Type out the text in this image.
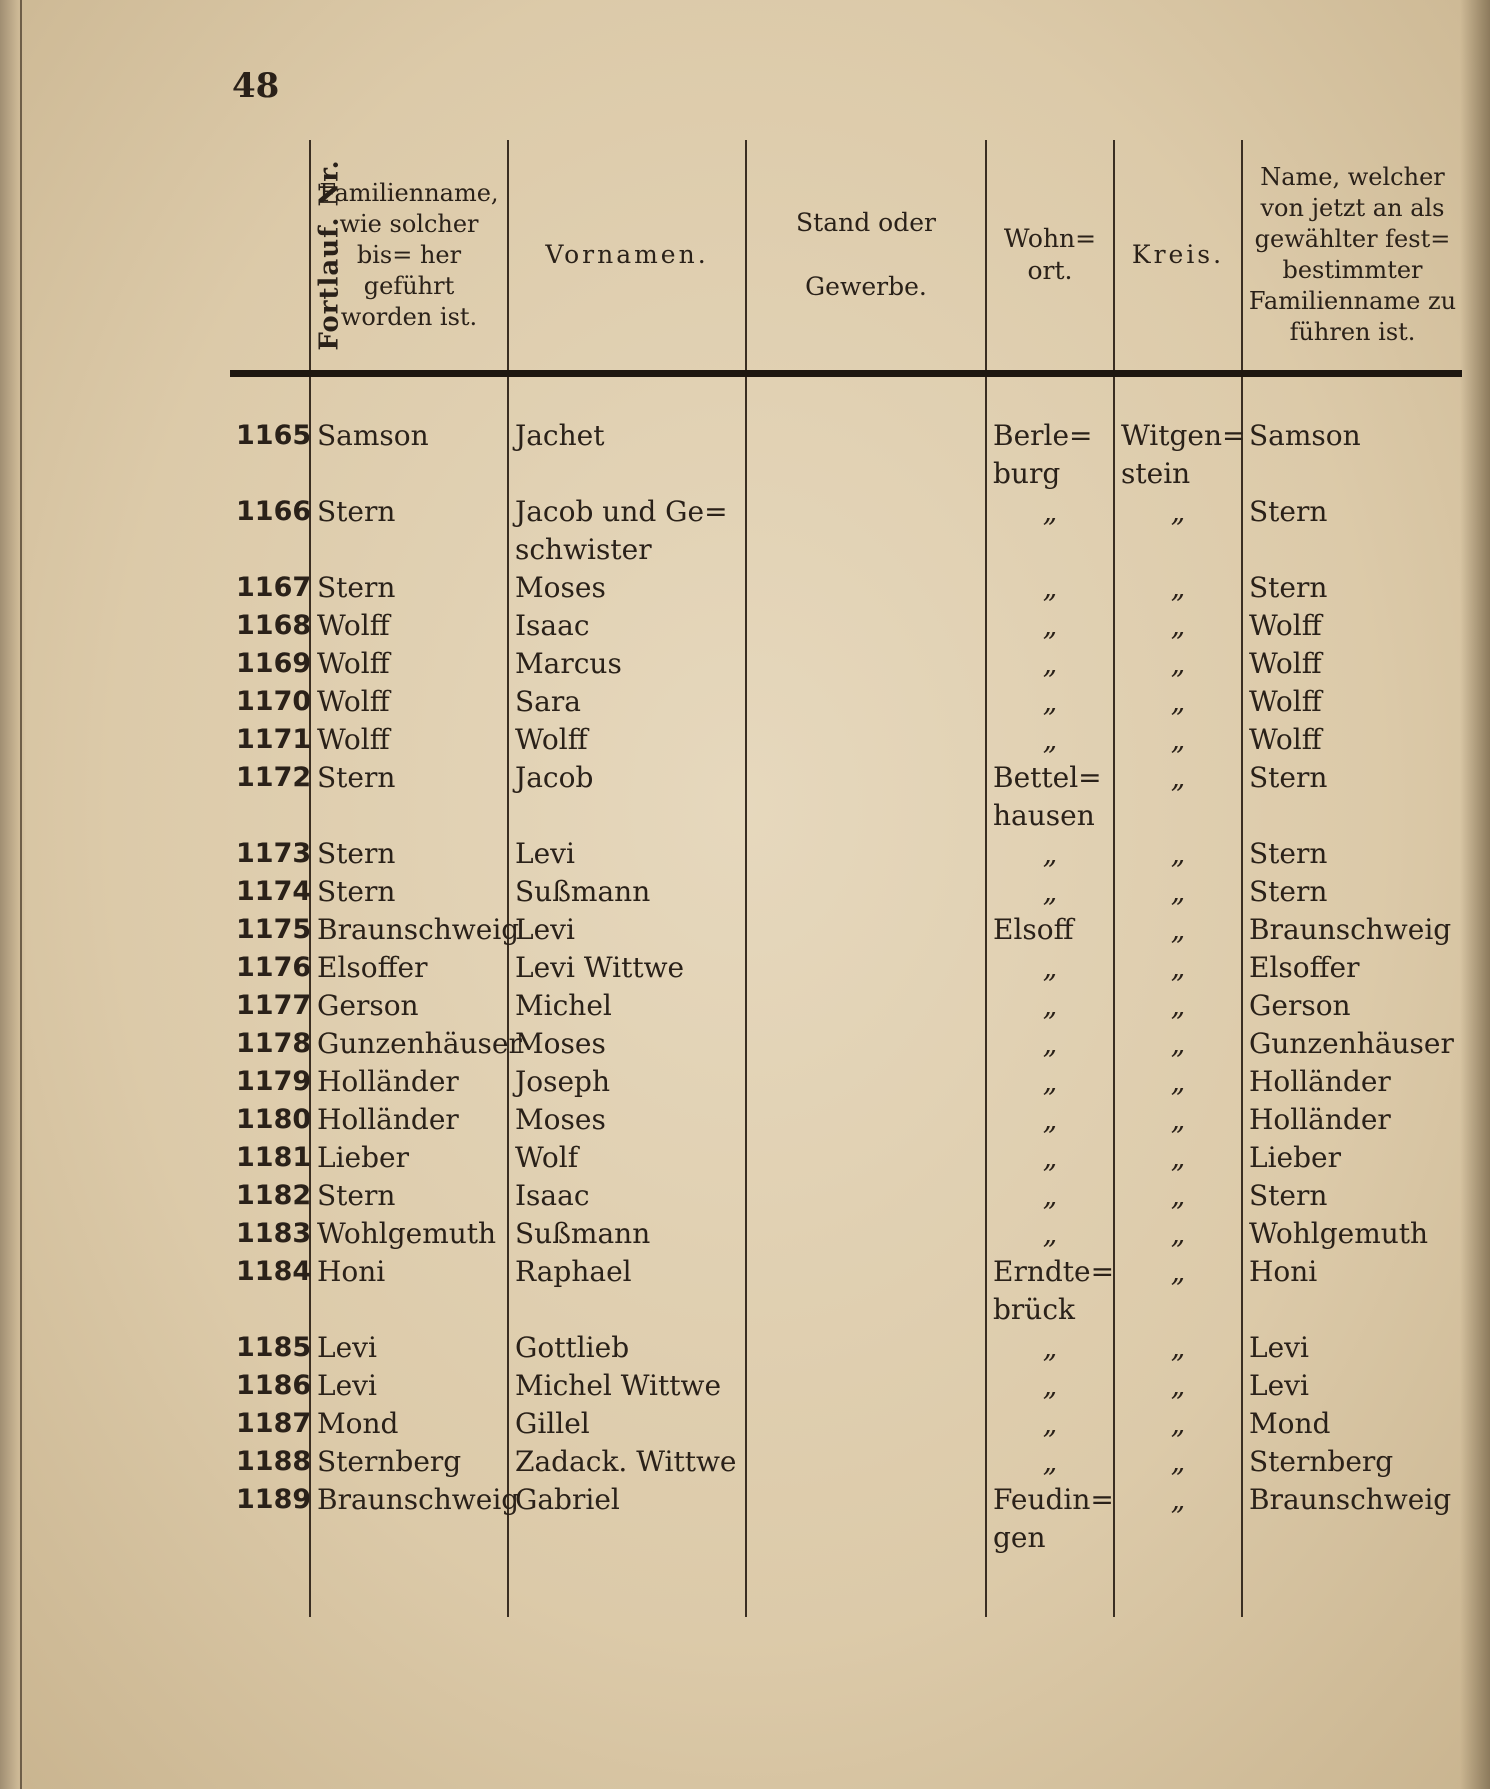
48
Fortlauf. Nr.	Familienname, wie solcher bis= her geführt worden ist.	Vornamen.	Stand oder Gewerbe.	Wohn= ort.	Kreis.	Name, welcher von jetzt an als gewählter fest= bestimmter Familienname zu führen ist.
1165	Samson	Jachet		Berle= burg	Witgen= stein	Samson
1166	Stern	Jacob und Ge= schwister		„	„	Stern
1167	Stern	Moses		„	„	Stern
1168	Wolff	Isaac		„	„	Wolff
1169	Wolff	Marcus		„	„	Wolff
1170	Wolff	Sara		„	„	Wolff
1171	Wolff	Wolff		„	„	Wolff
1172	Stern	Jacob		Bettel= hausen	„	Stern
1173	Stern	Levi		„	„	Stern
1174	Stern	Sußmann		„	„	Stern
1175	Braunschweig	Levi		Elsoff	„	Braunschweig
1176	Elsoffer	Levi Wittwe		„	„	Elsoffer
1177	Gerson	Michel		„	„	Gerson
1178	Gunzenhäuser	Moses		„	„	Gunzenhäuser
1179	Holländer	Joseph		„	„	Holländer
1180	Holländer	Moses		„	„	Holländer
1181	Lieber	Wolf		„	„	Lieber
1182	Stern	Isaac		„	„	Stern
1183	Wohlgemuth	Sußmann		„	„	Wohlgemuth
1184	Honi	Raphael		Erndte= brück	„	Honi
1185	Levi	Gottlieb		„	„	Levi
1186	Levi	Michel Wittwe		„	„	Levi
1187	Mond	Gillel		„	„	Mond
1188	Sternberg	Zadack. Wittwe		„	„	Sternberg
1189	Braunschweig	Gabriel		Feudin= gen	„	Braunschweig
